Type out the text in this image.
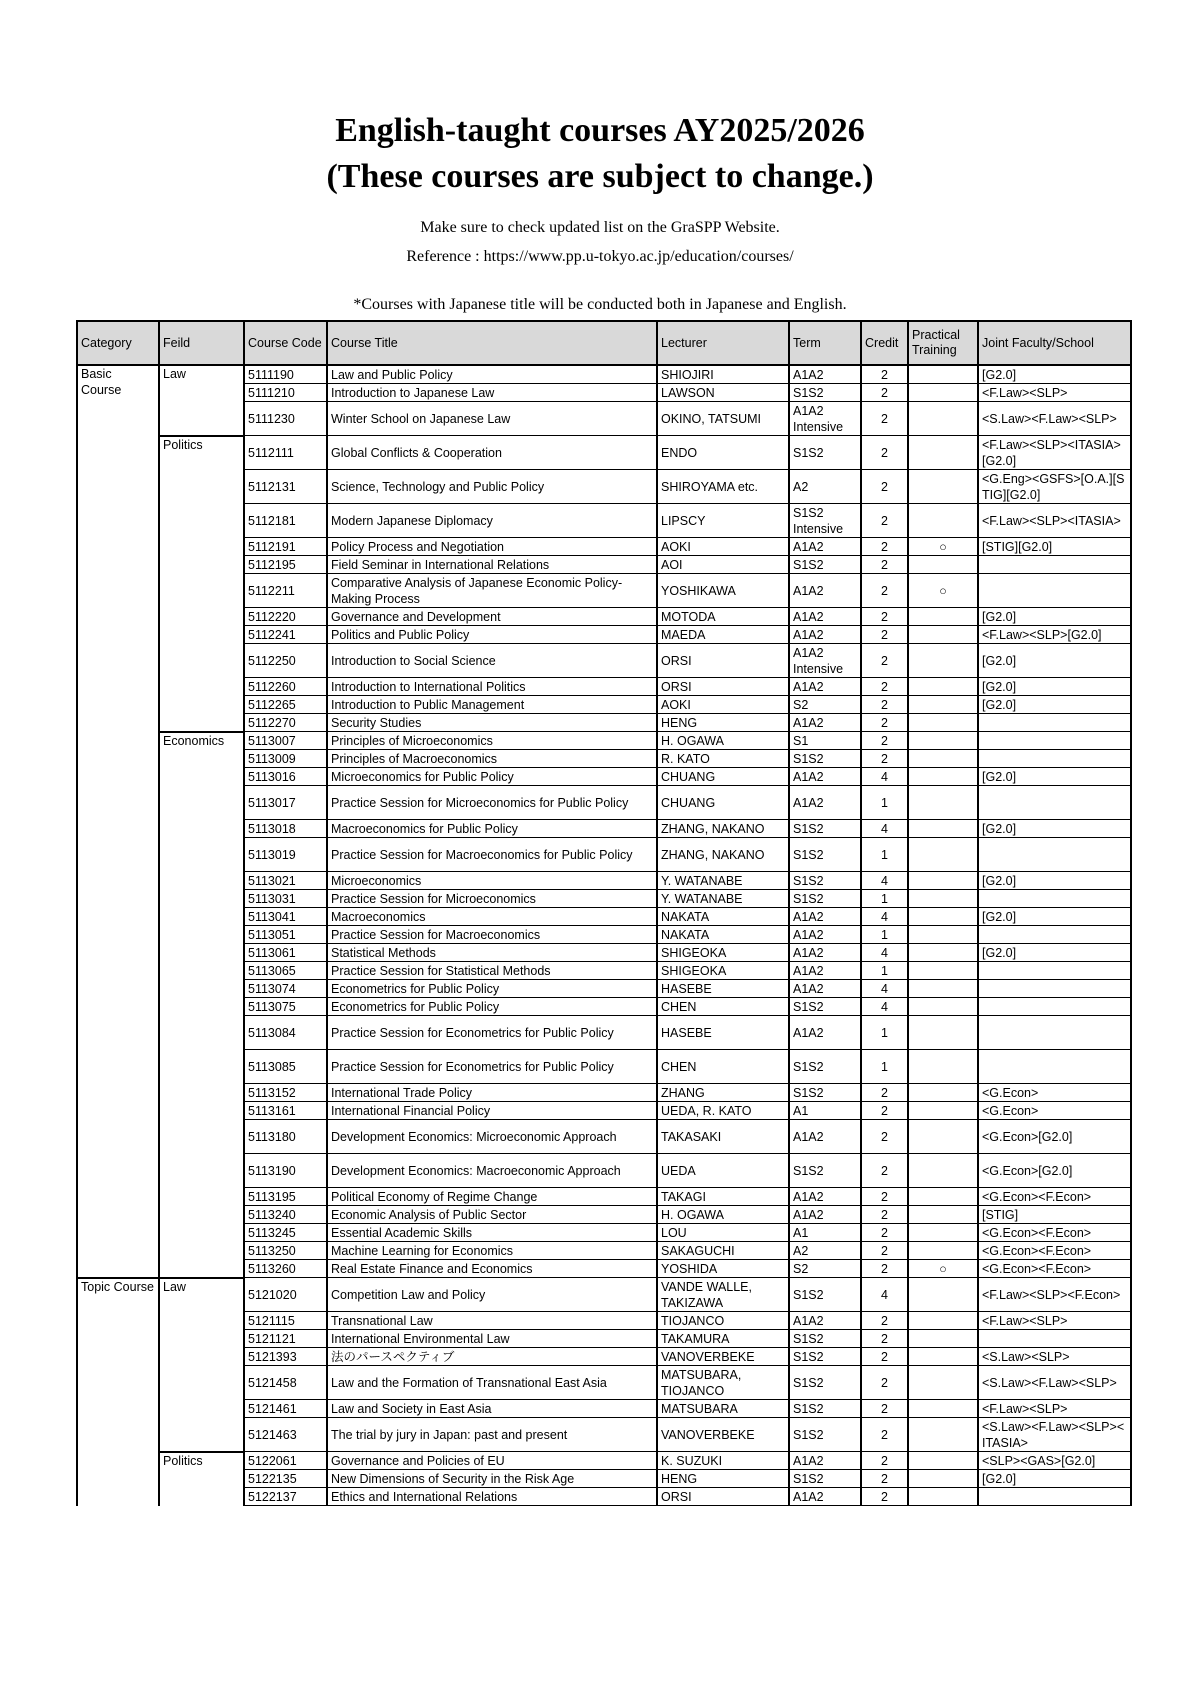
English-taught courses AY2025/2026
(These courses are subject to change.)
Make sure to check updated list on the GraSPP Website.
Reference : https://www.pp.u-tokyo.ac.jp/education/courses/
*Courses with Japanese title will be conducted both in Japanese and English.
Category	Feild	Course Code	Course Title	Lecturer	Term	Credit	Practical Training	Joint Faculty/School
Basic Course	Law	5111190	Law and Public Policy	SHIOJIRI	A1A2	2		[G2.0]
		5111210	Introduction to Japanese Law	LAWSON	S1S2	2		<F.Law><SLP>
		5111230	Winter School on Japanese Law	OKINO, TATSUMI	A1A2 Intensive	2		<S.Law><F.Law><SLP>
	Politics	5112111	Global Conflicts & Cooperation	ENDO	S1S2	2		<F.Law><SLP><ITASIA>[G2.0]
		5112131	Science, Technology and Public Policy	SHIROYAMA etc.	A2	2		<G.Eng><GSFS>[O.A.][STIG][G2.0]
		5112181	Modern Japanese Diplomacy	LIPSCY	S1S2 Intensive	2		<F.Law><SLP><ITASIA>
		5112191	Policy Process and Negotiation	AOKI	A1A2	2	○	[STIG][G2.0]
		5112195	Field Seminar in International Relations	AOI	S1S2	2		
		5112211	Comparative Analysis of Japanese Economic Policy-Making Process	YOSHIKAWA	A1A2	2	○	
		5112220	Governance and Development	MOTODA	A1A2	2		[G2.0]
		5112241	Politics and Public Policy	MAEDA	A1A2	2		<F.Law><SLP>[G2.0]
		5112250	Introduction to Social Science	ORSI	A1A2 Intensive	2		[G2.0]
		5112260	Introduction to International Politics	ORSI	A1A2	2		[G2.0]
		5112265	Introduction to Public Management	AOKI	S2	2		[G2.0]
		5112270	Security Studies	HENG	A1A2	2		
	Economics	5113007	Principles of Microeconomics	H. OGAWA	S1	2		
		5113009	Principles of Macroeconomics	R. KATO	S1S2	2		
		5113016	Microeconomics for Public Policy	CHUANG	A1A2	4		[G2.0]
		5113017	Practice Session for Microeconomics for Public Policy	CHUANG	A1A2	1		
		5113018	Macroeconomics for Public Policy	ZHANG, NAKANO	S1S2	4		[G2.0]
		5113019	Practice Session for Macroeconomics for Public Policy	ZHANG, NAKANO	S1S2	1		
		5113021	Microeconomics	Y. WATANABE	S1S2	4		[G2.0]
		5113031	Practice Session for Microeconomics	Y. WATANABE	S1S2	1		
		5113041	Macroeconomics	NAKATA	A1A2	4		[G2.0]
		5113051	Practice Session for Macroeconomics	NAKATA	A1A2	1		
		5113061	Statistical Methods	SHIGEOKA	A1A2	4		[G2.0]
		5113065	Practice Session for Statistical Methods	SHIGEOKA	A1A2	1		
		5113074	Econometrics for Public Policy	HASEBE	A1A2	4		
		5113075	Econometrics for Public Policy	CHEN	S1S2	4		
		5113084	Practice Session for Econometrics for Public Policy	HASEBE	A1A2	1		
		5113085	Practice Session for Econometrics for Public Policy	CHEN	S1S2	1		
		5113152	International Trade Policy	ZHANG	S1S2	2		<G.Econ>
		5113161	International Financial Policy	UEDA, R. KATO	A1	2		<G.Econ>
		5113180	Development Economics: Microeconomic Approach	TAKASAKI	A1A2	2		<G.Econ>[G2.0]
		5113190	Development Economics: Macroeconomic Approach	UEDA	S1S2	2		<G.Econ>[G2.0]
		5113195	Political Economy of Regime Change	TAKAGI	A1A2	2		<G.Econ><F.Econ>
		5113240	Economic Analysis of Public Sector	H. OGAWA	A1A2	2		[STIG]
		5113245	Essential Academic Skills	LOU	A1	2		<G.Econ><F.Econ>
		5113250	Machine Learning for Economics	SAKAGUCHI	A2	2		<G.Econ><F.Econ>
		5113260	Real Estate Finance and Economics	YOSHIDA	S2	2	○	<G.Econ><F.Econ>
Topic Course	Law	5121020	Competition Law and Policy	VANDE WALLE, TAKIZAWA	S1S2	4		<F.Law><SLP><F.Econ>
		5121115	Transnational Law	TIOJANCO	A1A2	2		<F.Law><SLP>
		5121121	International Environmental Law	TAKAMURA	S1S2	2		
		5121393	法のパースペクティブ	VANOVERBEKE	S1S2	2		<S.Law><SLP>
		5121458	Law and the Formation of Transnational East Asia	MATSUBARA, TIOJANCO	S1S2	2		<S.Law><F.Law><SLP>
		5121461	Law and Society in East Asia	MATSUBARA	S1S2	2		<F.Law><SLP>
		5121463	The trial by jury in Japan: past and present	VANOVERBEKE	S1S2	2		<S.Law><F.Law><SLP><ITASIA>
	Politics	5122061	Governance and Policies of EU	K. SUZUKI	A1A2	2		<SLP><GAS>[G2.0]
		5122135	New Dimensions of Security in the Risk Age	HENG	S1S2	2		[G2.0]
		5122137	Ethics and International Relations	ORSI	A1A2	2		
